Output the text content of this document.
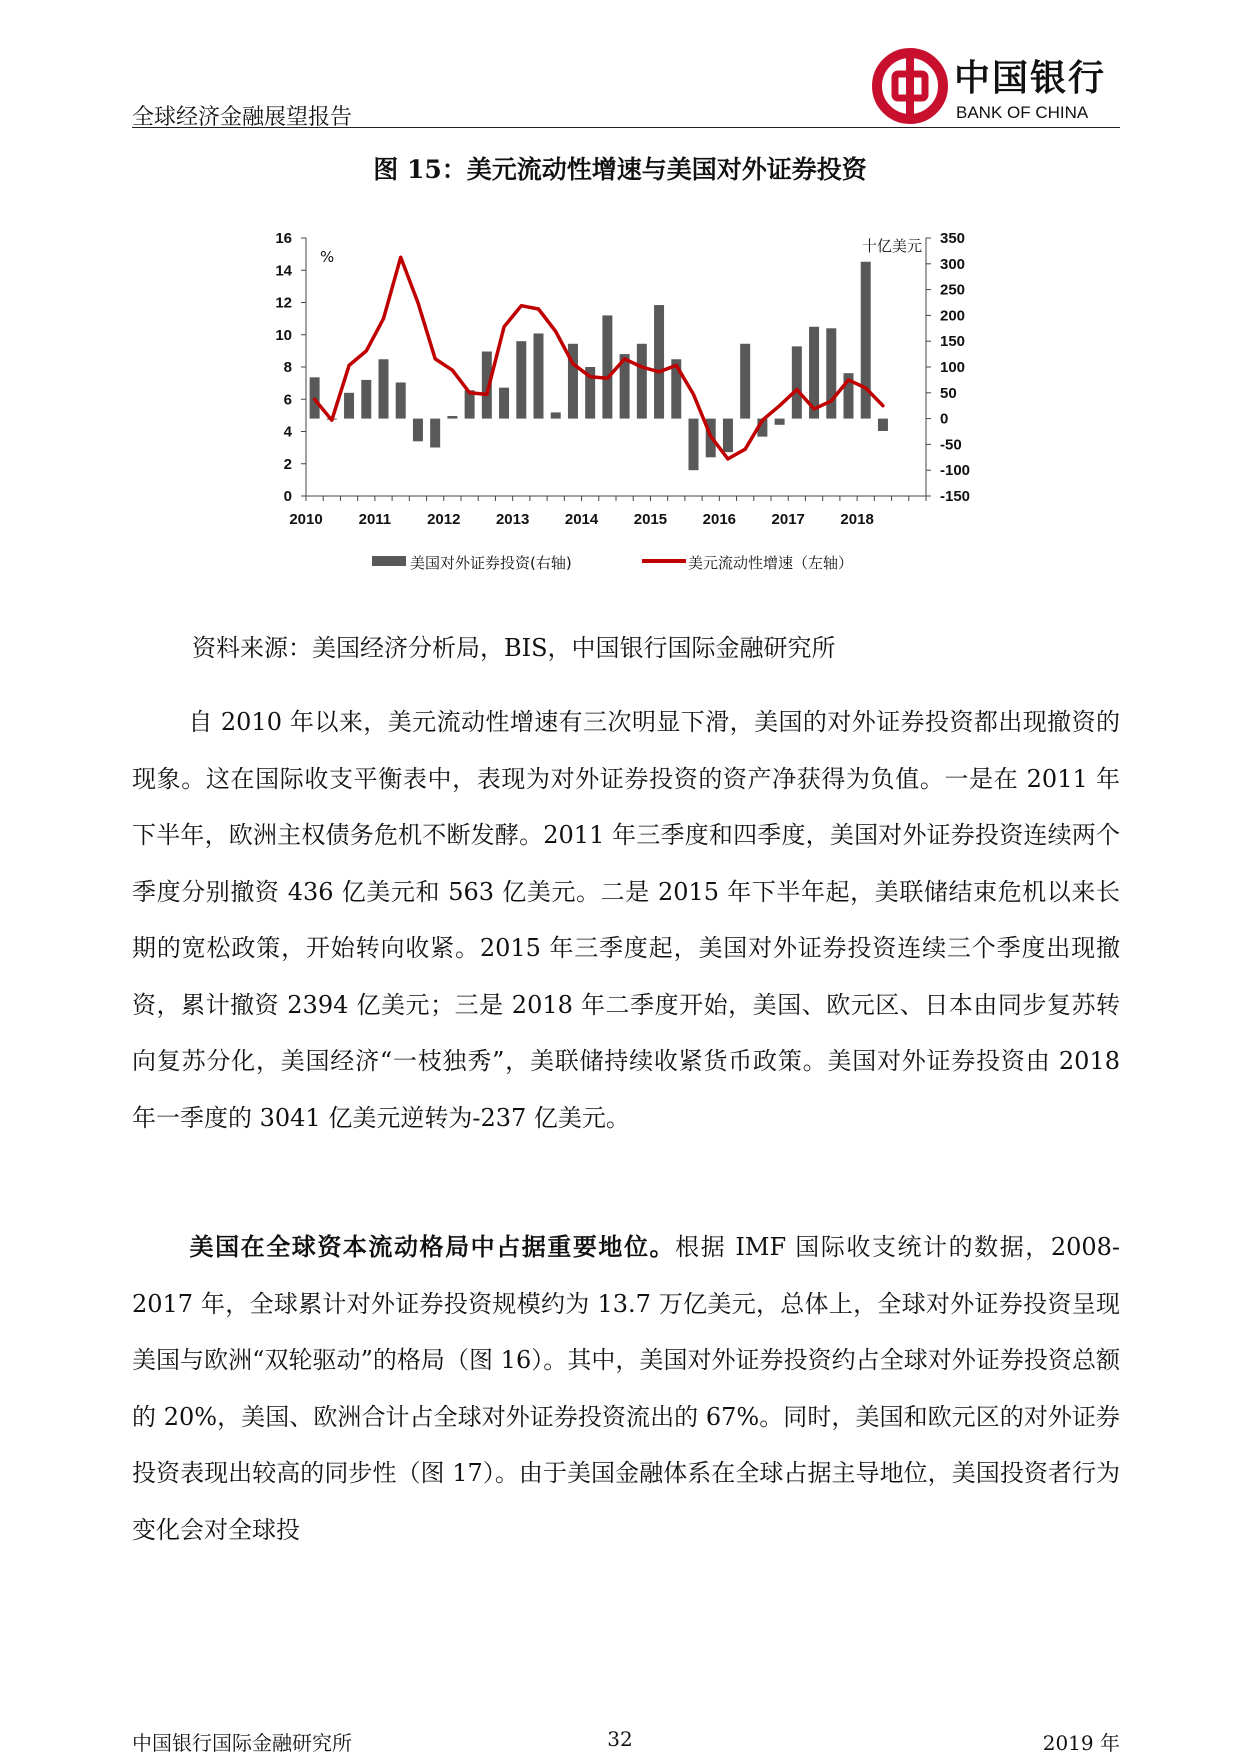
全球经济金融展望报告
中国银行
BANK OF CHINA
图 15：美元流动性增速与美国对外证券投资
0
2
4
6
8
10
12
14
16
-150
-100
-50
0
50
100
150
200
250
300
350
2010 2011 2012 2013 2014 2015 2016 2017 2018
%
十亿美元
美国对外证券投资(右轴)	美元流动性增速（左轴）
资料来源：美国经济分析局，BIS，中国银行国际金融研究所

自 2010 年以来，美元流动性增速有三次明显下滑，美国的对外证券投资都出现撤资的现象。这在国际收支平衡表中，表现为对外证券投资的资产净获得为负值。一是在 2011 年下半年，欧洲主权债务危机不断发酵。2011 年三季度和四季度，美国对外证券投资连续两个季度分别撤资 436 亿美元和 563 亿美元。二是 2015 年下半年起，美联储结束危机以来长期的宽松政策，开始转向收紧。2015 年三季度起，美国对外证券投资连续三个季度出现撤资，累计撤资 2394 亿美元；三是 2018 年二季度开始，美国、欧元区、日本由同步复苏转向复苏分化，美国经济“一枝独秀”，美联储持续收紧货币政策。美国对外证券投资由 2018 年一季度的 3041 亿美元逆转为-237 亿美元。

美国在全球资本流动格局中占据重要地位。根据 IMF 国际收支统计的数据，2008-2017 年，全球累计对外证券投资规模约为 13.7 万亿美元，总体上，全球对外证券投资呈现美国与欧洲“双轮驱动”的格局（图 16）。其中，美国对外证券投资约占全球对外证券投资总额的 20%，美国、欧洲合计占全球对外证券投资流出的 67%。同时，美国和欧元区的对外证券投资表现出较高的同步性（图 17）。由于美国金融体系在全球占据主导地位，美国投资者行为变化会对全球投

中国银行国际金融研究所	32	2019 年
